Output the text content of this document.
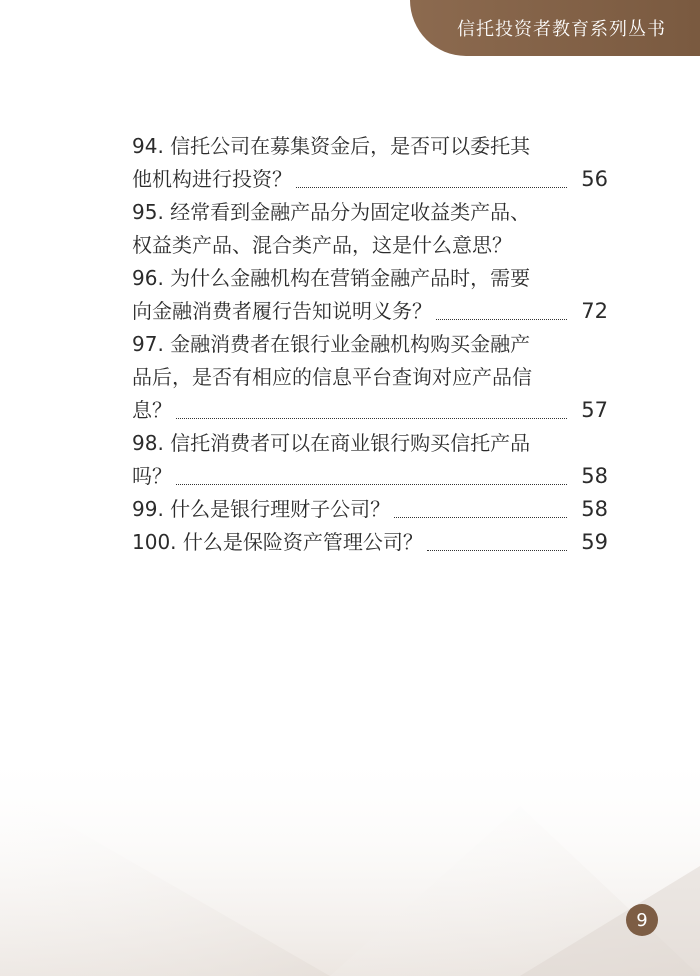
信托投资者教育系列丛书
94. 信托公司在募集资金后，是否可以委托其
他机构进行投资？	56
95. 经常看到金融产品分为固定收益类产品、
权益类产品、混合类产品，这是什么意思？
96. 为什么金融机构在营销金融产品时，需要
向金融消费者履行告知说明义务？	72
97. 金融消费者在银行业金融机构购买金融产
品后，是否有相应的信息平台查询对应产品信
息？	57
98. 信托消费者可以在商业银行购买信托产品
吗？	58
99. 什么是银行理财子公司？	58
100. 什么是保险资产管理公司？	59
9
